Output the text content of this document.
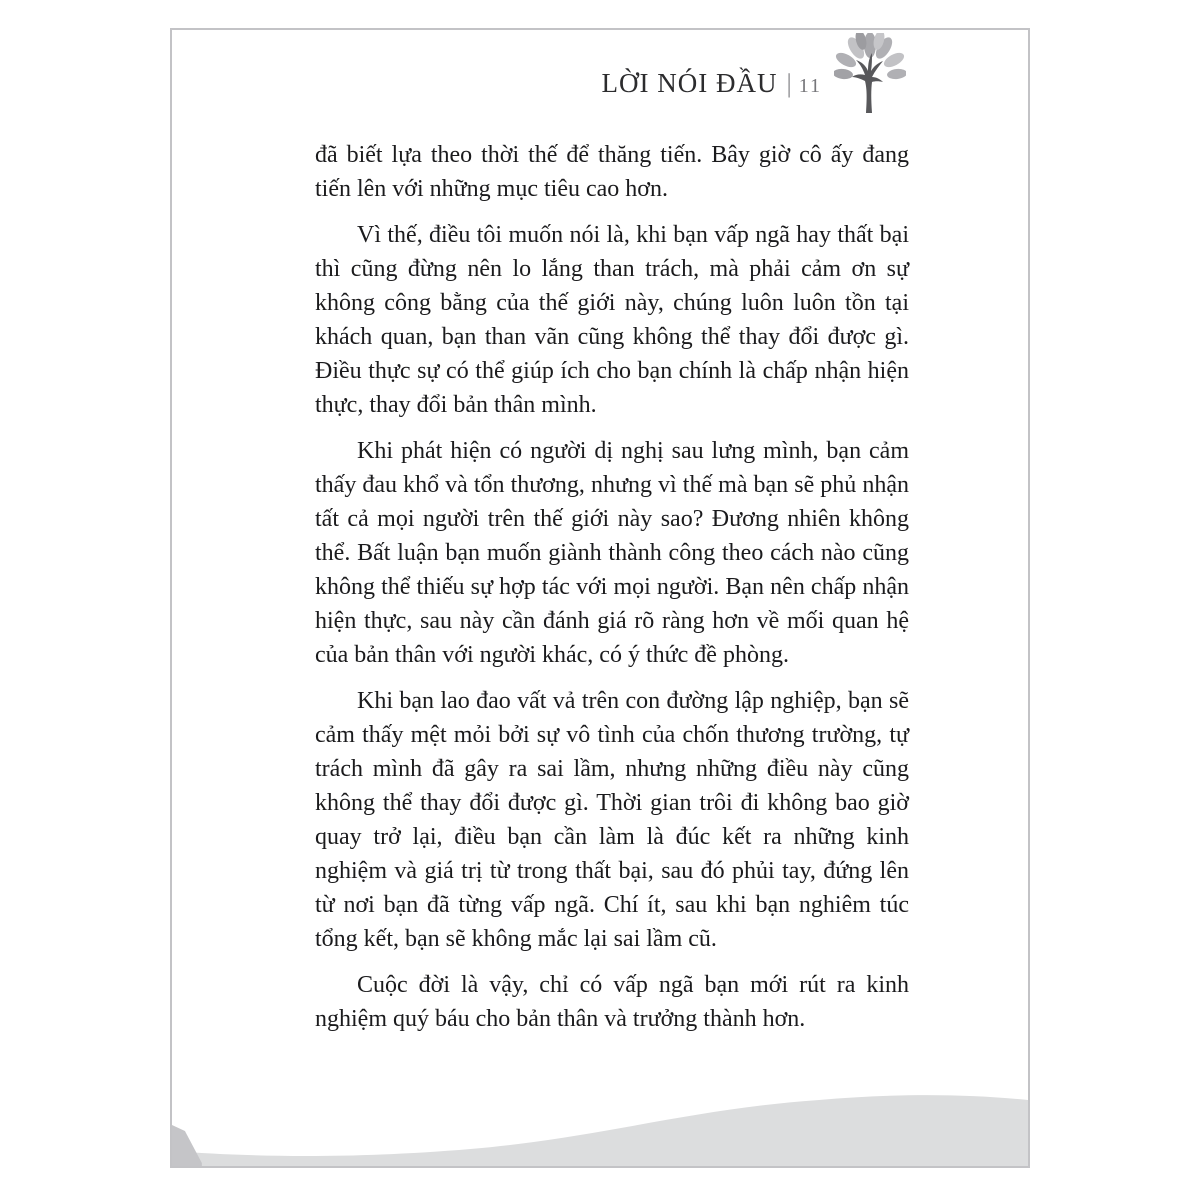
LỜI NÓI ĐẦU | 11

đã biết lựa theo thời thế để thăng tiến. Bây giờ cô ấy đang tiến lên với những mục tiêu cao hơn.

Vì thế, điều tôi muốn nói là, khi bạn vấp ngã hay thất bại thì cũng đừng nên lo lắng than trách, mà phải cảm ơn sự không công bằng của thế giới này, chúng luôn luôn tồn tại khách quan, bạn than vãn cũng không thể thay đổi được gì. Điều thực sự có thể giúp ích cho bạn chính là chấp nhận hiện thực, thay đổi bản thân mình.

Khi phát hiện có người dị nghị sau lưng mình, bạn cảm thấy đau khổ và tổn thương, nhưng vì thế mà bạn sẽ phủ nhận tất cả mọi người trên thế giới này sao? Đương nhiên không thể. Bất luận bạn muốn giành thành công theo cách nào cũng không thể thiếu sự hợp tác với mọi người. Bạn nên chấp nhận hiện thực, sau này cần đánh giá rõ ràng hơn về mối quan hệ của bản thân với người khác, có ý thức đề phòng.

Khi bạn lao đao vất vả trên con đường lập nghiệp, bạn sẽ cảm thấy mệt mỏi bởi sự vô tình của chốn thương trường, tự trách mình đã gây ra sai lầm, nhưng những điều này cũng không thể thay đổi được gì. Thời gian trôi đi không bao giờ quay trở lại, điều bạn cần làm là đúc kết ra những kinh nghiệm và giá trị từ trong thất bại, sau đó phủi tay, đứng lên từ nơi bạn đã từng vấp ngã. Chí ít, sau khi bạn nghiêm túc tổng kết, bạn sẽ không mắc lại sai lầm cũ.

Cuộc đời là vậy, chỉ có vấp ngã bạn mới rút ra kinh nghiệm quý báu cho bản thân và trưởng thành hơn.
